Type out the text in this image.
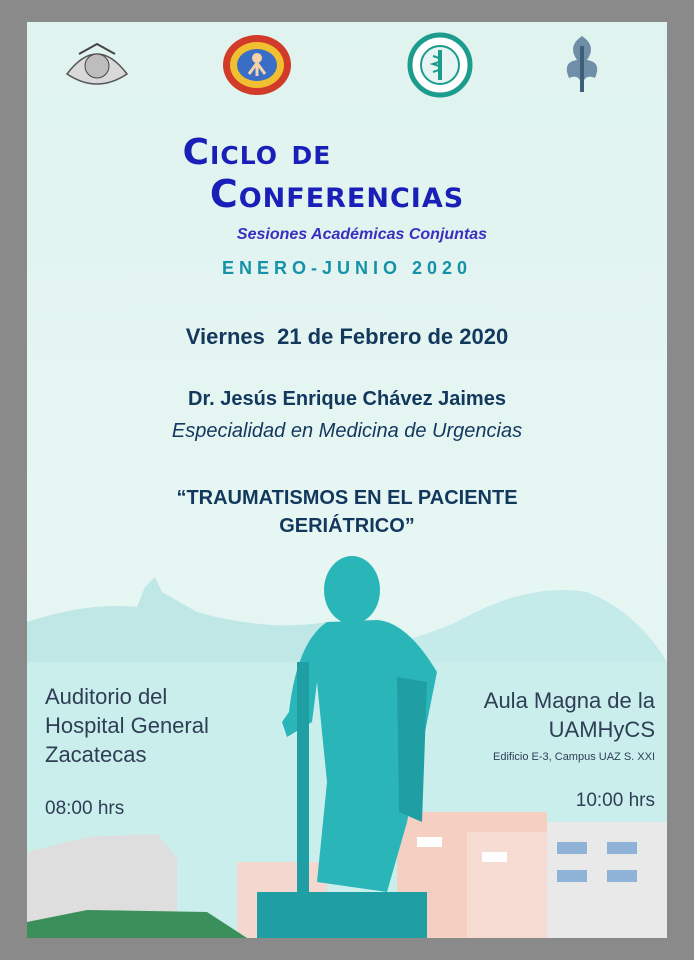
Ciclo de
Conferencias
Sesiones Académicas Conjuntas
ENERO-JUNIO 2020
Viernes  21 de Febrero de 2020
Dr. Jesús Enrique Chávez Jaimes
Especialidad en Medicina de Urgencias
“TRAUMATISMOS EN EL PACIENTE
GERIÁTRICO”
Auditorio del
Hospital General
Zacatecas
08:00 hrs
Aula Magna de la
UAMHyCS
Edificio E-3, Campus UAZ S. XXI
10:00 hrs
